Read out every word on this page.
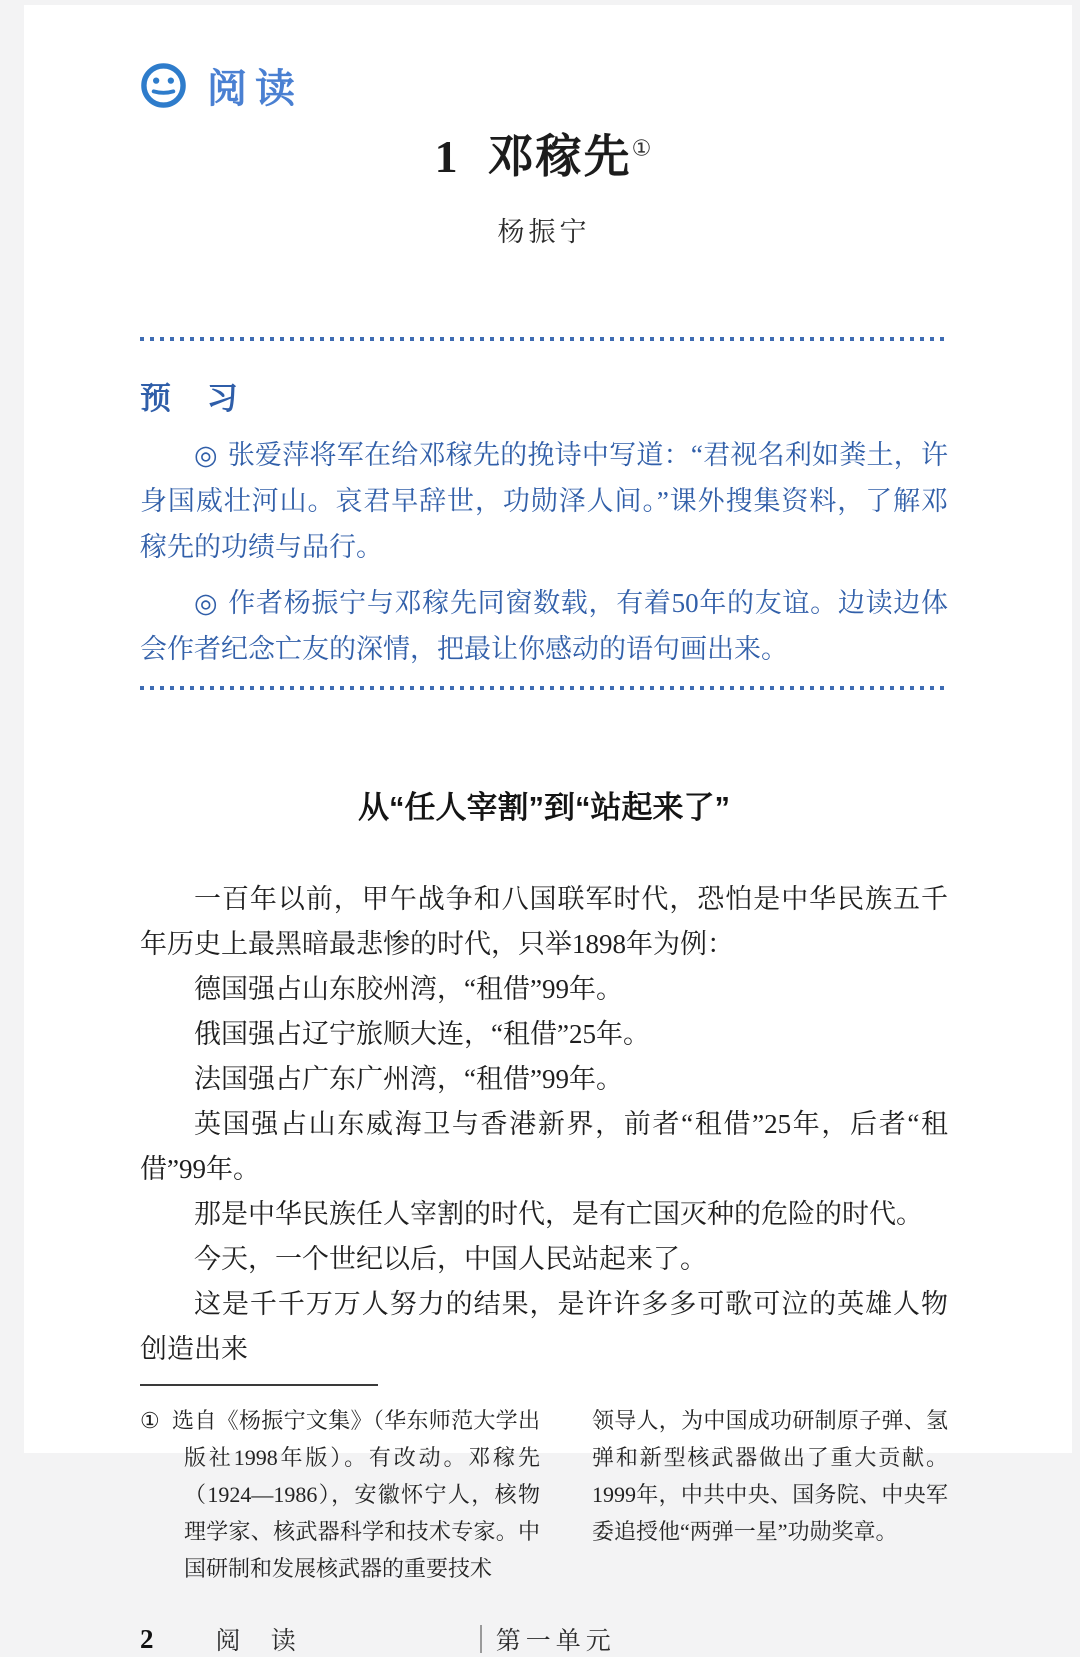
阅读
1 邓稼先①
杨振宁
预 习

◎ 张爱萍将军在给邓稼先的挽诗中写道：“君视名利如粪土，许身国威壮河山。哀君早辞世，功勋泽人间。”课外搜集资料，了解邓稼先的功绩与品行。

◎ 作者杨振宁与邓稼先同窗数载，有着50年的友谊。边读边体会作者纪念亡友的深情，把最让你感动的语句画出来。

从“任人宰割”到“站起来了”

一百年以前，甲午战争和八国联军时代，恐怕是中华民族五千年历史上最黑暗最悲惨的时代，只举1898年为例：

德国强占山东胶州湾，“租借”99年。

俄国强占辽宁旅顺大连，“租借”25年。

法国强占广东广州湾，“租借”99年。

英国强占山东威海卫与香港新界，前者“租借”25年，后者“租借”99年。

那是中华民族任人宰割的时代，是有亡国灭种的危险的时代。

今天，一个世纪以后，中国人民站起来了。

这是千千万万人努力的结果，是许许多多可歌可泣的英雄人物创造出来

① 选自《杨振宁文集》（华东师范大学出版社1998年版）。有改动。邓稼先（1924—1986），安徽怀宁人，核物理学家、核武器科学和技术专家。中国研制和发展核武器的重要技术
领导人，为中国成功研制原子弹、氢弹和新型核武器做出了重大贡献。1999年，中共中央、国务院、中央军委追授他“两弹一星”功勋奖章。
2 阅 读	第一单元
